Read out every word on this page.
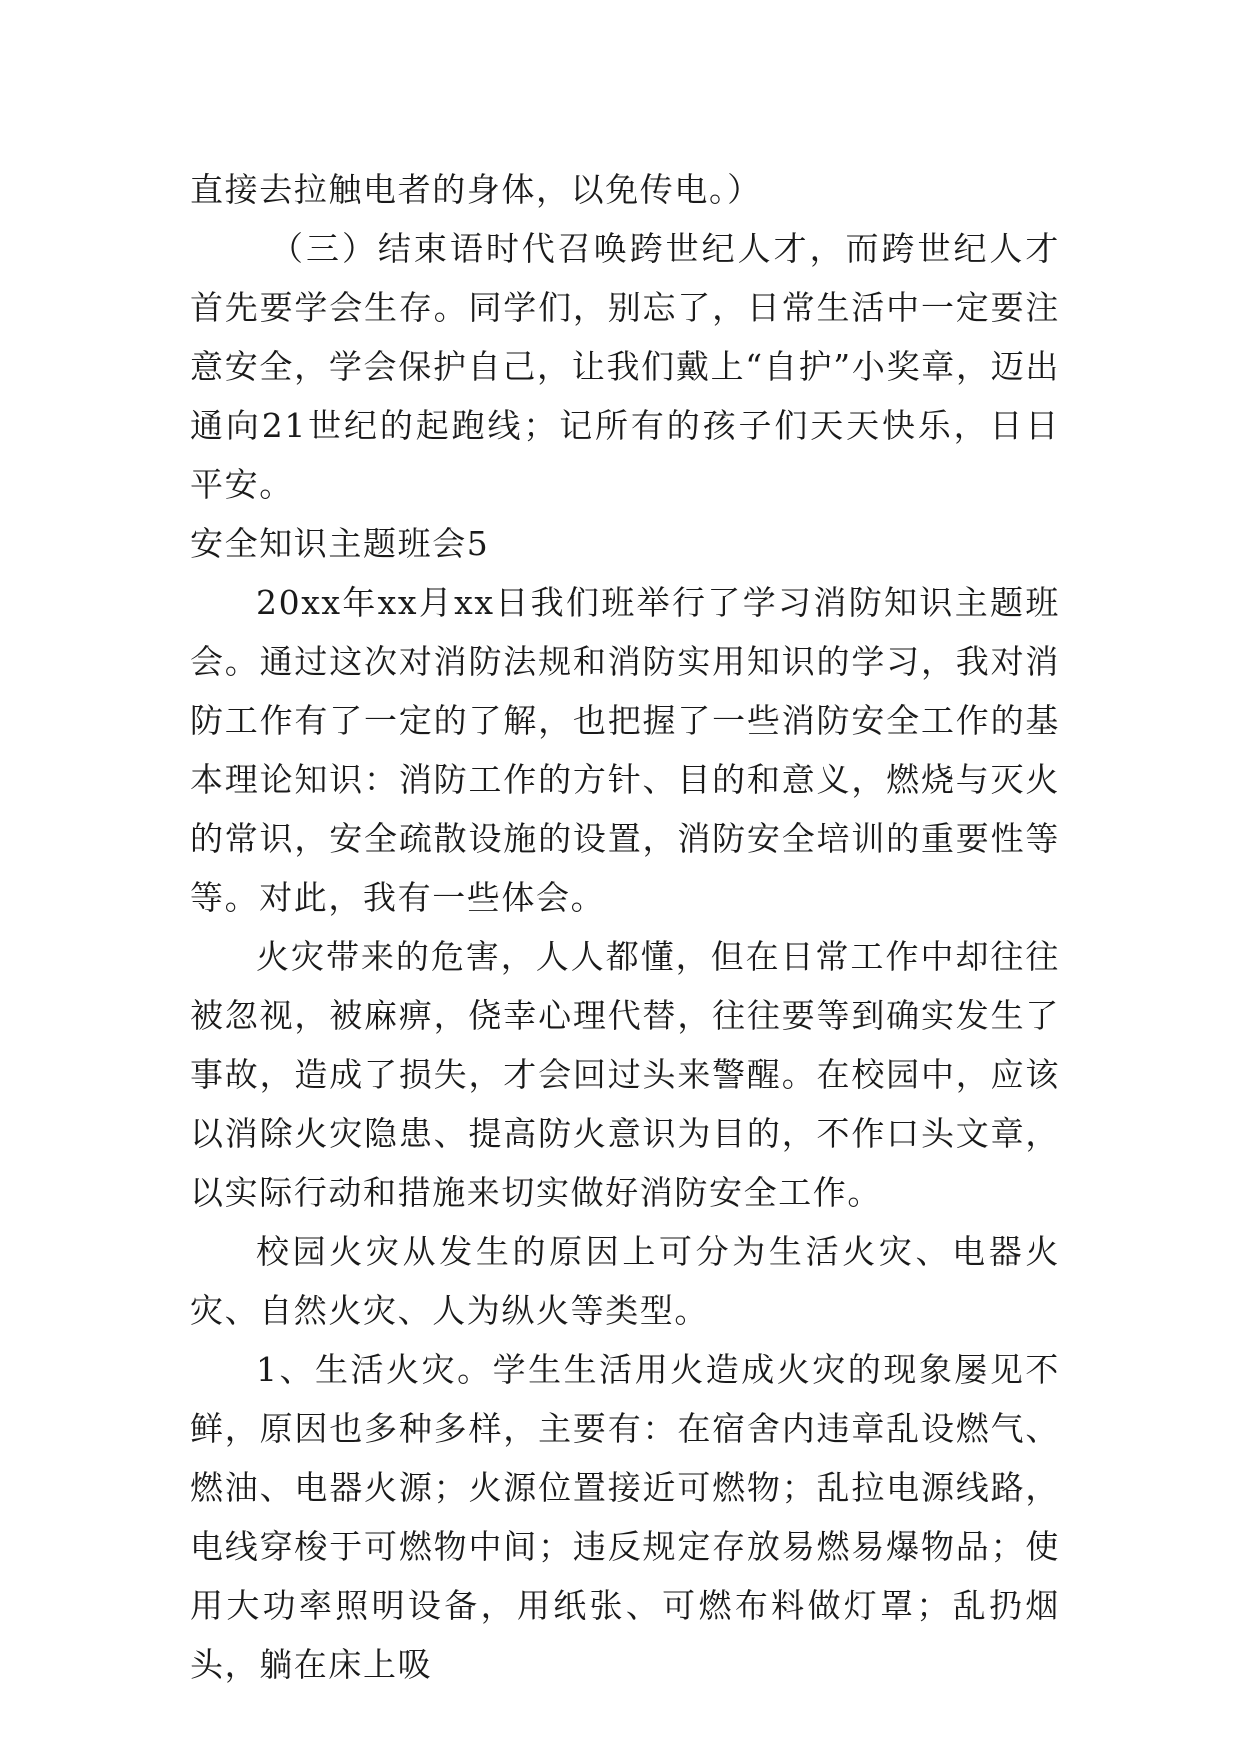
直接去拉触电者的身体，以免传电。）

（三）结束语时代召唤跨世纪人才，而跨世纪人才首先要学会生存。同学们，别忘了，日常生活中一定要注意安全，学会保护自己，让我们戴上“自护”小奖章，迈出通向21世纪的起跑线；记所有的孩子们天天快乐，日日平安。

安全知识主题班会5

20xx年xx月xx日我们班举行了学习消防知识主题班会。通过这次对消防法规和消防实用知识的学习，我对消防工作有了一定的了解，也把握了一些消防安全工作的基本理论知识：消防工作的方针、目的和意义，燃烧与灭火的常识，安全疏散设施的设置，消防安全培训的重要性等等。对此，我有一些体会。

火灾带来的危害，人人都懂，但在日常工作中却往往被忽视，被麻痹，侥幸心理代替，往往要等到确实发生了事故，造成了损失，才会回过头来警醒。在校园中，应该以消除火灾隐患、提高防火意识为目的，不作口头文章，以实际行动和措施来切实做好消防安全工作。

校园火灾从发生的原因上可分为生活火灾、电器火灾、自然火灾、人为纵火等类型。

1、生活火灾。学生生活用火造成火灾的现象屡见不鲜，原因也多种多样，主要有：在宿舍内违章乱设燃气、燃油、电器火源；火源位置接近可燃物；乱拉电源线路，电线穿梭于可燃物中间；违反规定存放易燃易爆物品；使用大功率照明设备，用纸张、可燃布料做灯罩；乱扔烟头，躺在床上吸
